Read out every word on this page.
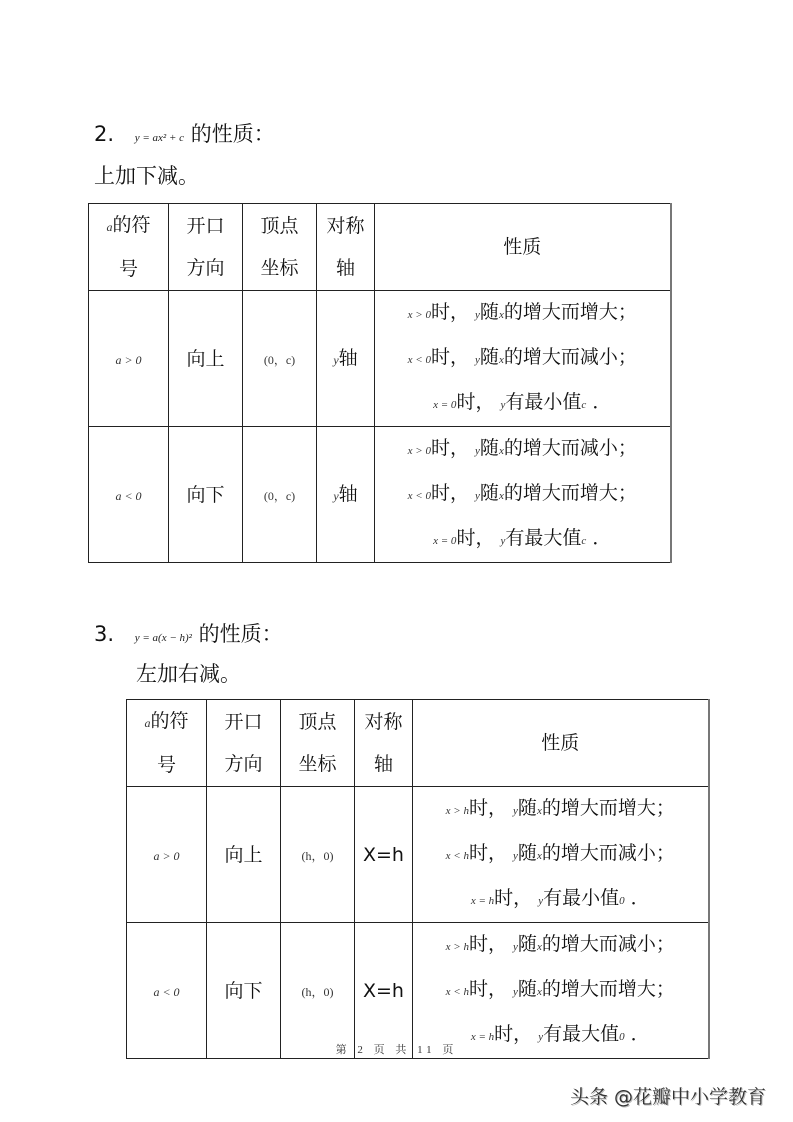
2. y = ax² + c 的性质：
上加下减。
a的符
号	开口
方向	顶点
坐标	对称
轴	性质
a > 0	向上	(0，c)	y轴	x > 0时， y随x的增大而增大；
x < 0时， y随x的增大而减小；
x = 0时， y有最小值c ．

a < 0	向下	(0，c)	y轴	x > 0时， y随x的增大而减小；
x < 0时， y随x的增大而增大；
x = 0时， y有最大值c ．
3. y = a(x − h)² 的性质：
左加右减。
a的符
号	开口
方向	顶点
坐标	对称
轴	性质
a > 0	向上	(h，0)	X=h	x > h时， y随x的增大而增大；
x < h时， y随x的增大而减小；
x = h时， y有最小值0 ．

a < 0	向下	(h，0)	X=h	x > h时， y随x的增大而减小；
x < h时， y随x的增大而增大；
x = h时， y有最大值0 ．
第 2 页 共 11 页
头条 @花瓣中小学教育
